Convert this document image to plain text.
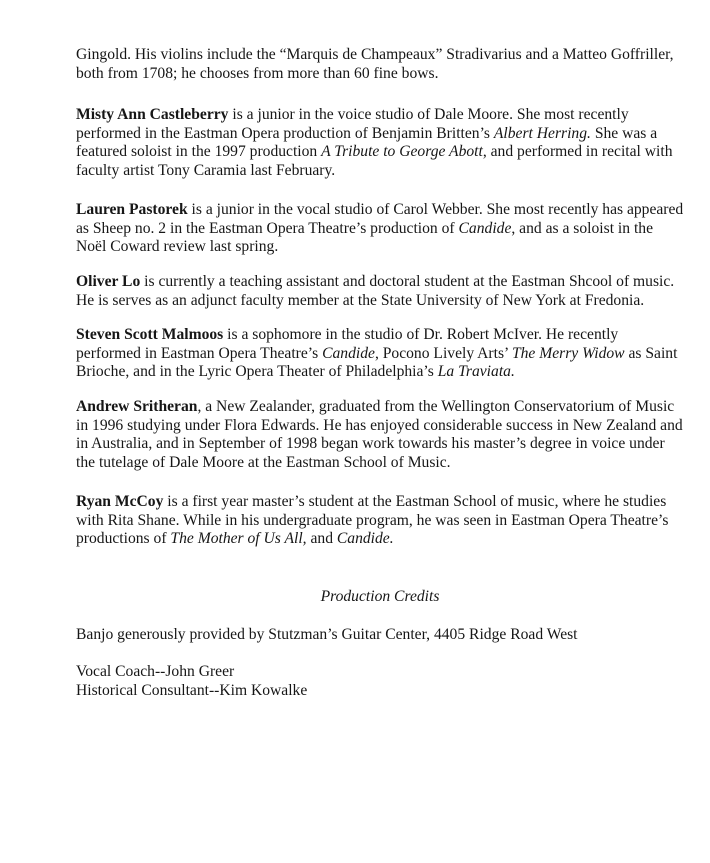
Gingold. His violins include the “Marquis de Champeaux” Stradivarius and a Matteo Goffriller,
both from 1708; he chooses from more than 60 fine bows.

Misty Ann Castleberry is a junior in the voice studio of Dale Moore. She most recently performed in the Eastman Opera production of Benjamin Britten’s Albert Herring. She was a featured soloist in the 1997 production A Tribute to George Abott, and performed in recital with faculty artist Tony Caramia last February.

Lauren Pastorek is a junior in the vocal studio of Carol Webber. She most recently has appeared as Sheep no. 2 in the Eastman Opera Theatre’s production of Candide, and as a soloist in the Noël Coward review last spring.

Oliver Lo is currently a teaching assistant and doctoral student at the Eastman Shcool of music. He is serves as an adjunct faculty member at the State University of New York at Fredonia.

Steven Scott Malmoos is a sophomore in the studio of Dr. Robert McIver. He recently performed in Eastman Opera Theatre’s Candide, Pocono Lively Arts’ The Merry Widow as Saint Brioche, and in the Lyric Opera Theater of Philadelphia’s La Traviata.

Andrew Sritheran, a New Zealander, graduated from the Wellington Conservatorium of Music in 1996 studying under Flora Edwards. He has enjoyed considerable success in New Zealand and in Australia, and in September of 1998 began work towards his master’s degree in voice under the tutelage of Dale Moore at the Eastman School of Music.

Ryan McCoy is a first year master’s student at the Eastman School of music, where he studies with Rita Shane. While in his undergraduate program, he was seen in Eastman Opera Theatre’s productions of The Mother of Us All, and Candide.

Production Credits

Banjo generously provided by Stutzman’s Guitar Center, 4405 Ridge Road West

Vocal Coach--John Greer
Historical Consultant--Kim Kowalke
